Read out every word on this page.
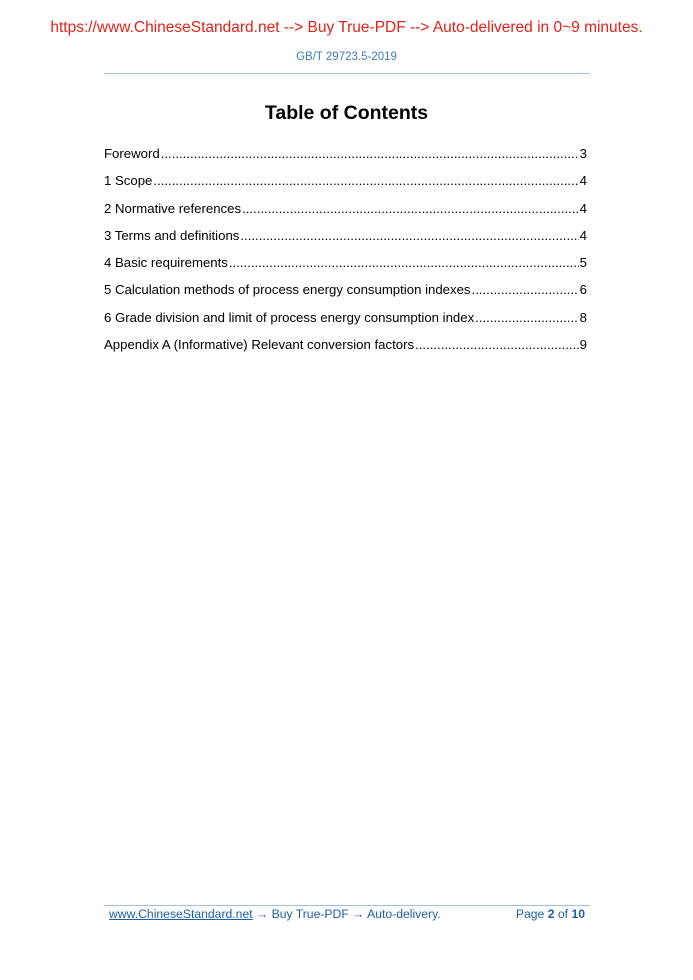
https://www.ChineseStandard.net --> Buy True-PDF --> Auto-delivered in 0~9 minutes.
GB/T 29723.5-2019
Table of Contents
Foreword .....	3
1 Scope .....	4
2 Normative references .....	4
3 Terms and definitions .....	4
4 Basic requirements .....	5
5 Calculation methods of process energy consumption indexes .....	6
6 Grade division and limit of process energy consumption index .....	8
Appendix A (Informative) Relevant conversion factors .....	9
www.ChineseStandard.net → Buy True-PDF → Auto-delivery.	Page 2 of 10
